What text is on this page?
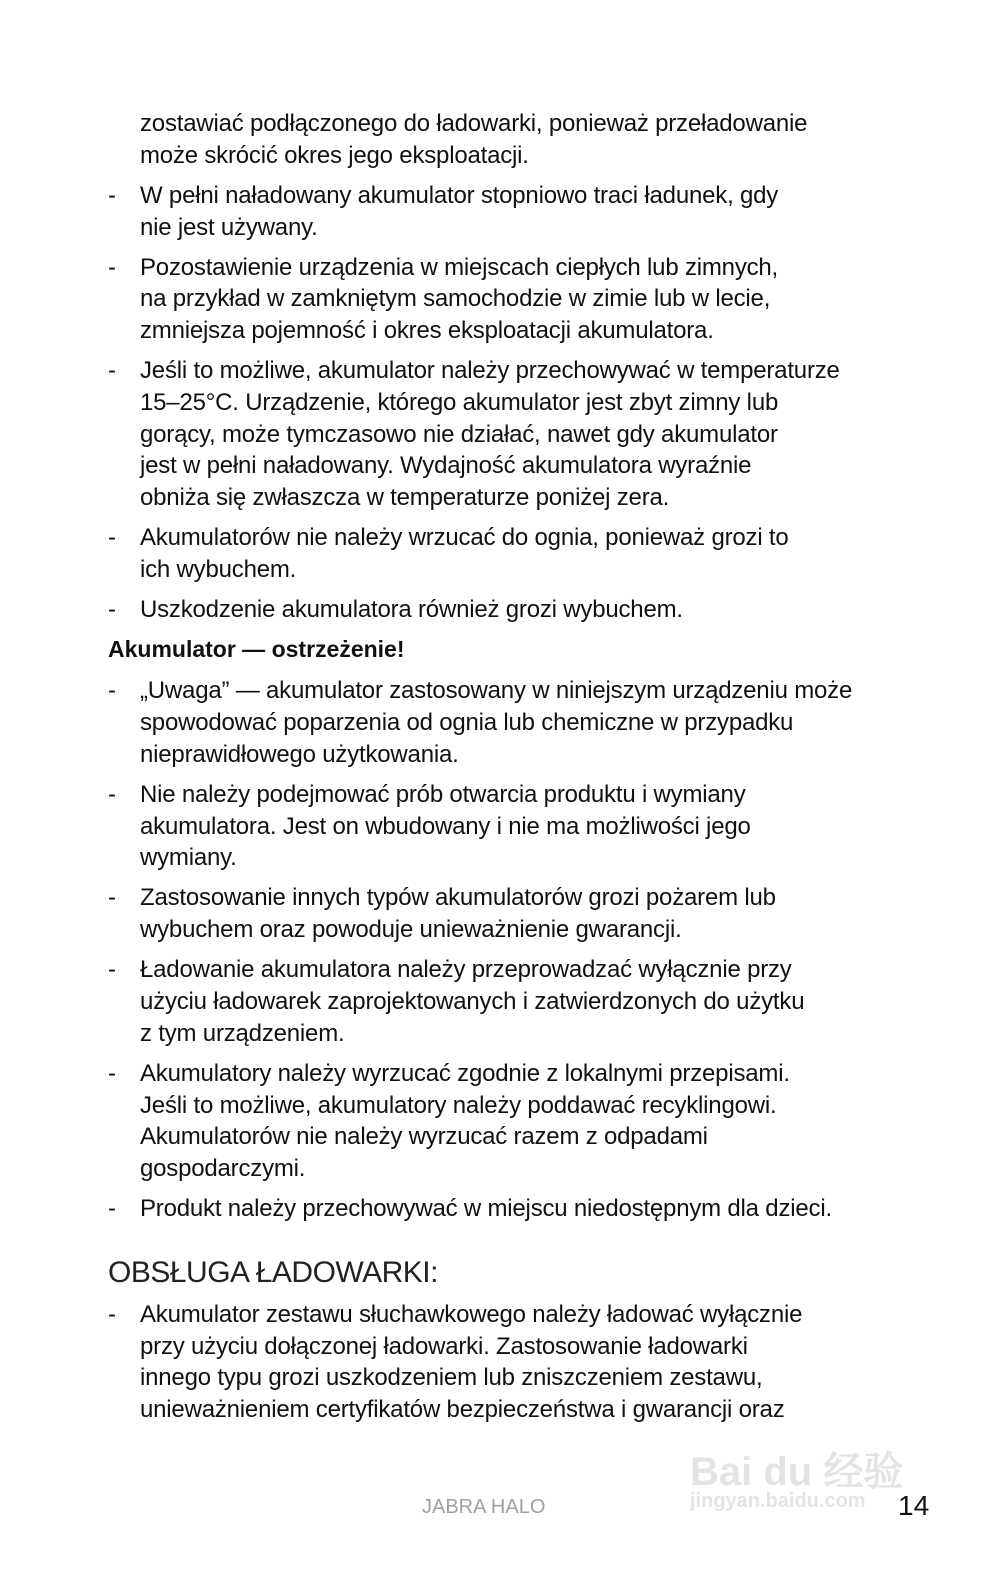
Bai du 经验
jingyan.baidu.com
zostawiać podłączonego do ładowarki, ponieważ przeładowanie
może skrócić okres jego eksploatacji.
- W pełni naładowany akumulator stopniowo traci ładunek, gdy
nie jest używany.
- Pozostawienie urządzenia w miejscach ciepłych lub zimnych,
na przykład w zamkniętym samochodzie w zimie lub w lecie,
zmniejsza pojemność i okres eksploatacji akumulatora.
- Jeśli to możliwe, akumulator należy przechowywać w temperaturze
15–25°C. Urządzenie, którego akumulator jest zbyt zimny lub
gorący, może tymczasowo nie działać, nawet gdy akumulator
jest w pełni naładowany. Wydajność akumulatora wyraźnie
obniża się zwłaszcza w temperaturze poniżej zera.
- Akumulatorów nie należy wrzucać do ognia, ponieważ grozi to
ich wybuchem.
- Uszkodzenie akumulatora również grozi wybuchem.
Akumulator — ostrzeżenie!
- „Uwaga” — akumulator zastosowany w niniejszym urządzeniu może
spowodować poparzenia od ognia lub chemiczne w przypadku
nieprawidłowego użytkowania.
- Nie należy podejmować prób otwarcia produktu i wymiany
akumulatora. Jest on wbudowany i nie ma możliwości jego
wymiany.
- Zastosowanie innych typów akumulatorów grozi pożarem lub
wybuchem oraz powoduje unieważnienie gwarancji.
- Ładowanie akumulatora należy przeprowadzać wyłącznie przy
użyciu ładowarek zaprojektowanych i zatwierdzonych do użytku
z tym urządzeniem.
- Akumulatory należy wyrzucać zgodnie z lokalnymi przepisami.
Jeśli to możliwe, akumulatory należy poddawać recyklingowi.
Akumulatorów nie należy wyrzucać razem z odpadami
gospodarczymi.
- Produkt należy przechowywać w miejscu niedostępnym dla dzieci.
OBSŁUGA ŁADOWARKI:
- Akumulator zestawu słuchawkowego należy ładować wyłącznie
przy użyciu dołączonej ładowarki. Zastosowanie ładowarki
innego typu grozi uszkodzeniem lub zniszczeniem zestawu,
unieważnieniem certyfikatów bezpieczeństwa i gwarancji oraz
JABRA HALO	14
